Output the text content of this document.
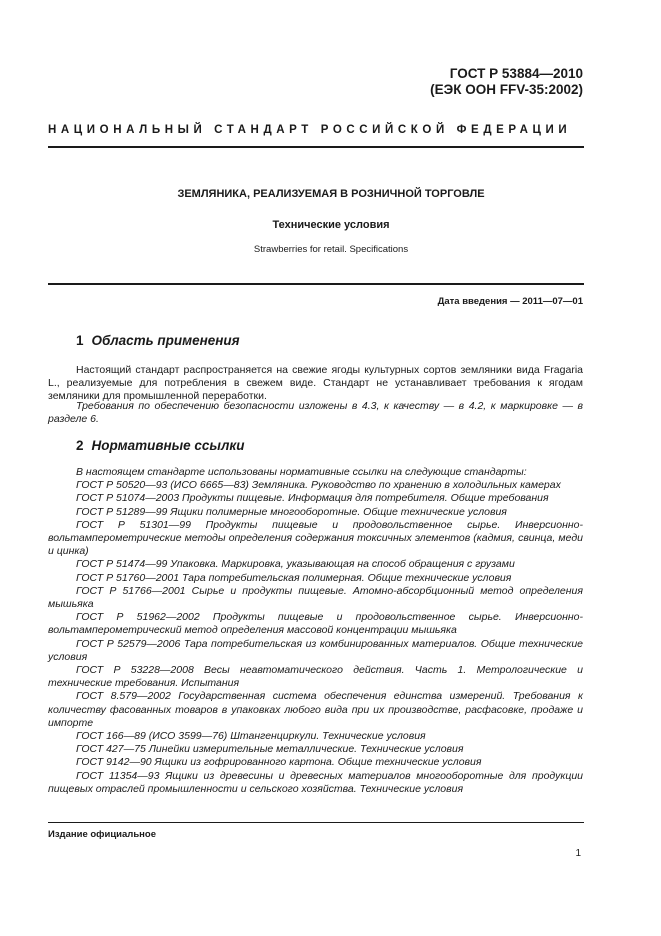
ГОСТ Р 53884—2010
(ЕЭК ООН FFV-35:2002)
НАЦИОНАЛЬНЫЙ СТАНДАРТ РОССИЙСКОЙ ФЕДЕРАЦИИ
ЗЕМЛЯНИКА, РЕАЛИЗУЕМАЯ В РОЗНИЧНОЙ ТОРГОВЛЕ
Технические условия
Strawberries for retail. Specifications
Дата введения — 2011—07—01
1 Область применения
Настоящий стандарт распространяется на свежие ягоды культурных сортов земляники вида Fragaria L., реализуемые для потребления в свежем виде. Стандарт не устанавливает требования к ягодам земляники для промышленной переработки.
Требования по обеспечению безопасности изложены в 4.3, к качеству — в 4.2, к маркировке — в разделе 6.
2 Нормативные ссылки
В настоящем стандарте использованы нормативные ссылки на следующие стандарты:
ГОСТ Р 50520—93 (ИСО 6665—83) Земляника. Руководство по хранению в холодильных камерах
ГОСТ Р 51074—2003 Продукты пищевые. Информация для потребителя. Общие требования
ГОСТ Р 51289—99 Ящики полимерные многооборотные. Общие технические условия
ГОСТ Р 51301—99 Продукты пищевые и продовольственное сырье. Инверсионно-вольтамперометрические методы определения содержания токсичных элементов (кадмия, свинца, меди и цинка)
ГОСТ Р 51474—99 Упаковка. Маркировка, указывающая на способ обращения с грузами
ГОСТ Р 51760—2001 Тара потребительская полимерная. Общие технические условия
ГОСТ Р 51766—2001 Сырье и продукты пищевые. Атомно-абсорбционный метод определения мышьяка
ГОСТ Р 51962—2002 Продукты пищевые и продовольственное сырье. Инверсионно-вольтамперометрический метод определения массовой концентрации мышьяка
ГОСТ Р 52579—2006 Тара потребительская из комбинированных материалов. Общие технические условия
ГОСТ Р 53228—2008 Весы неавтоматического действия. Часть 1. Метрологические и технические требования. Испытания
ГОСТ 8.579—2002 Государственная система обеспечения единства измерений. Требования к количеству фасованных товаров в упаковках любого вида при их производстве, расфасовке, продаже и импорте
ГОСТ 166—89 (ИСО 3599—76) Штангенциркули. Технические условия
ГОСТ 427—75 Линейки измерительные металлические. Технические условия
ГОСТ 9142—90 Ящики из гофрированного картона. Общие технические условия
ГОСТ 11354—93 Ящики из древесины и древесных материалов многооборотные для продукции пищевых отраслей промышленности и сельского хозяйства. Технические условия
Издание официальное
1
